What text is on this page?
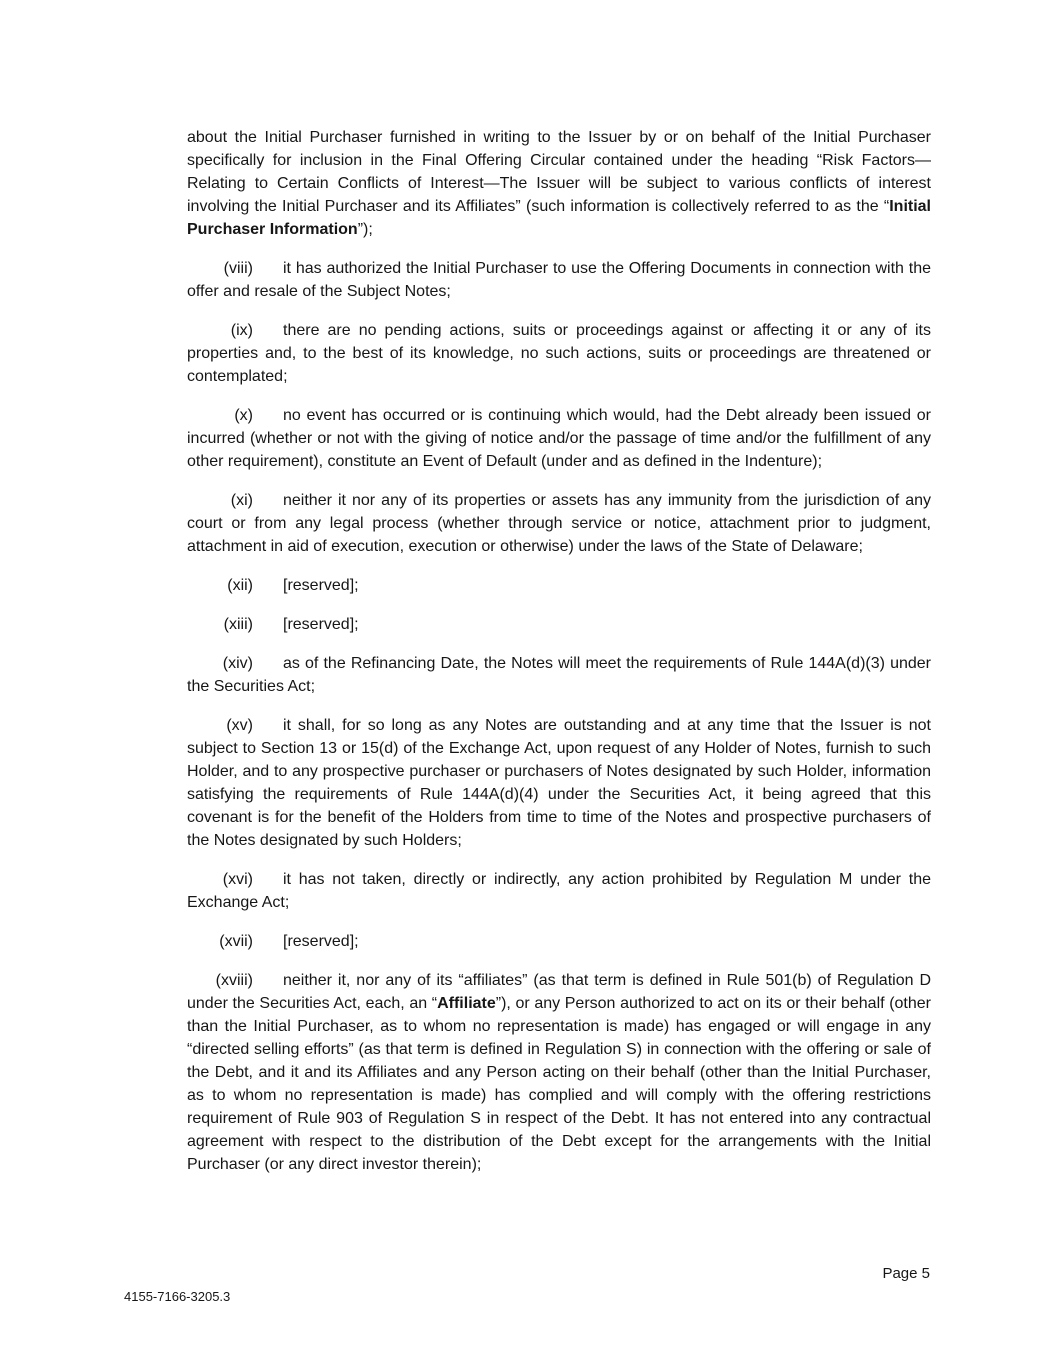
about the Initial Purchaser furnished in writing to the Issuer by or on behalf of the Initial Purchaser specifically for inclusion in the Final Offering Circular contained under the heading “Risk Factors—Relating to Certain Conflicts of Interest—The Issuer will be subject to various conflicts of interest involving the Initial Purchaser and its Affiliates” (such information is collectively referred to as the “Initial Purchaser Information”);

(viii) it has authorized the Initial Purchaser to use the Offering Documents in connection with the offer and resale of the Subject Notes;

(ix) there are no pending actions, suits or proceedings against or affecting it or any of its properties and, to the best of its knowledge, no such actions, suits or proceedings are threatened or contemplated;

(x) no event has occurred or is continuing which would, had the Debt already been issued or incurred (whether or not with the giving of notice and/or the passage of time and/or the fulfillment of any other requirement), constitute an Event of Default (under and as defined in the Indenture);

(xi) neither it nor any of its properties or assets has any immunity from the jurisdiction of any court or from any legal process (whether through service or notice, attachment prior to judgment, attachment in aid of execution, execution or otherwise) under the laws of the State of Delaware;

(xii) [reserved];

(xiii) [reserved];

(xiv) as of the Refinancing Date, the Notes will meet the requirements of Rule 144A(d)(3) under the Securities Act;

(xv) it shall, for so long as any Notes are outstanding and at any time that the Issuer is not subject to Section 13 or 15(d) of the Exchange Act, upon request of any Holder of Notes, furnish to such Holder, and to any prospective purchaser or purchasers of Notes designated by such Holder, information satisfying the requirements of Rule 144A(d)(4) under the Securities Act, it being agreed that this covenant is for the benefit of the Holders from time to time of the Notes and prospective purchasers of the Notes designated by such Holders;

(xvi) it has not taken, directly or indirectly, any action prohibited by Regulation M under the Exchange Act;

(xvii) [reserved];

(xviii) neither it, nor any of its “affiliates” (as that term is defined in Rule 501(b) of Regulation D under the Securities Act, each, an “Affiliate”), or any Person authorized to act on its or their behalf (other than the Initial Purchaser, as to whom no representation is made) has engaged or will engage in any “directed selling efforts” (as that term is defined in Regulation S) in connection with the offering or sale of the Debt, and it and its Affiliates and any Person acting on their behalf (other than the Initial Purchaser, as to whom no representation is made) has complied and will comply with the offering restrictions requirement of Rule 903 of Regulation S in respect of the Debt. It has not entered into any contractual agreement with respect to the distribution of the Debt except for the arrangements with the Initial Purchaser (or any direct investor therein);

Page 5
4155-7166-3205.3
